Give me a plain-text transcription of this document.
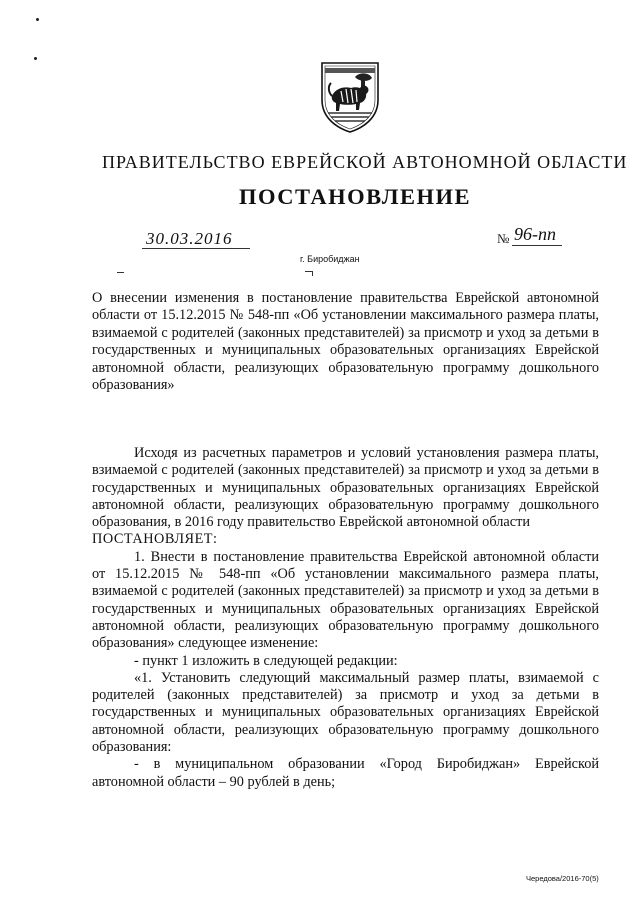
ПРАВИТЕЛЬСТВО ЕВРЕЙСКОЙ АВТОНОМНОЙ ОБЛАСТИ
ПОСТАНОВЛЕНИЕ
30.03.2016	№ 96-пп
г. Биробиджан
О внесении изменения в постановление правительства Еврейской автономной области от 15.12.2015 № 548-пп «Об установлении максимального размера платы, взимаемой с родителей (законных представителей) за присмотр и уход за детьми в государственных и муниципальных образовательных организациях Еврейской автономной области, реализующих образовательную программу дошкольного образования»

Исходя из расчетных параметров и условий установления размера платы, взимаемой с родителей (законных представителей) за присмотр и уход за детьми в государственных и муниципальных образовательных организациях Еврейской автономной области, реализующих образовательную программу дошкольного образования, в 2016 году правительство Еврейской автономной области

ПОСТАНОВЛЯЕТ:

1. Внести в постановление правительства Еврейской автономной области от 15.12.2015 № 548-пп «Об установлении максимального размера платы, взимаемой с родителей (законных представителей) за присмотр и уход за детьми в государственных и муниципальных образовательных организациях Еврейской автономной области, реализующих образовательную программу дошкольного образования» следующее изменение:

- пункт 1 изложить в следующей редакции:

«1. Установить следующий максимальный размер платы, взимаемой с родителей (законных представителей) за присмотр и уход за детьми в государственных и муниципальных образовательных организациях Еврейской автономной области, реализующих образовательную программу дошкольного образования:

- в муниципальном образовании «Город Биробиджан» Еврейской автономной области – 90 рублей в день;

Чередова/2016-70(5)
